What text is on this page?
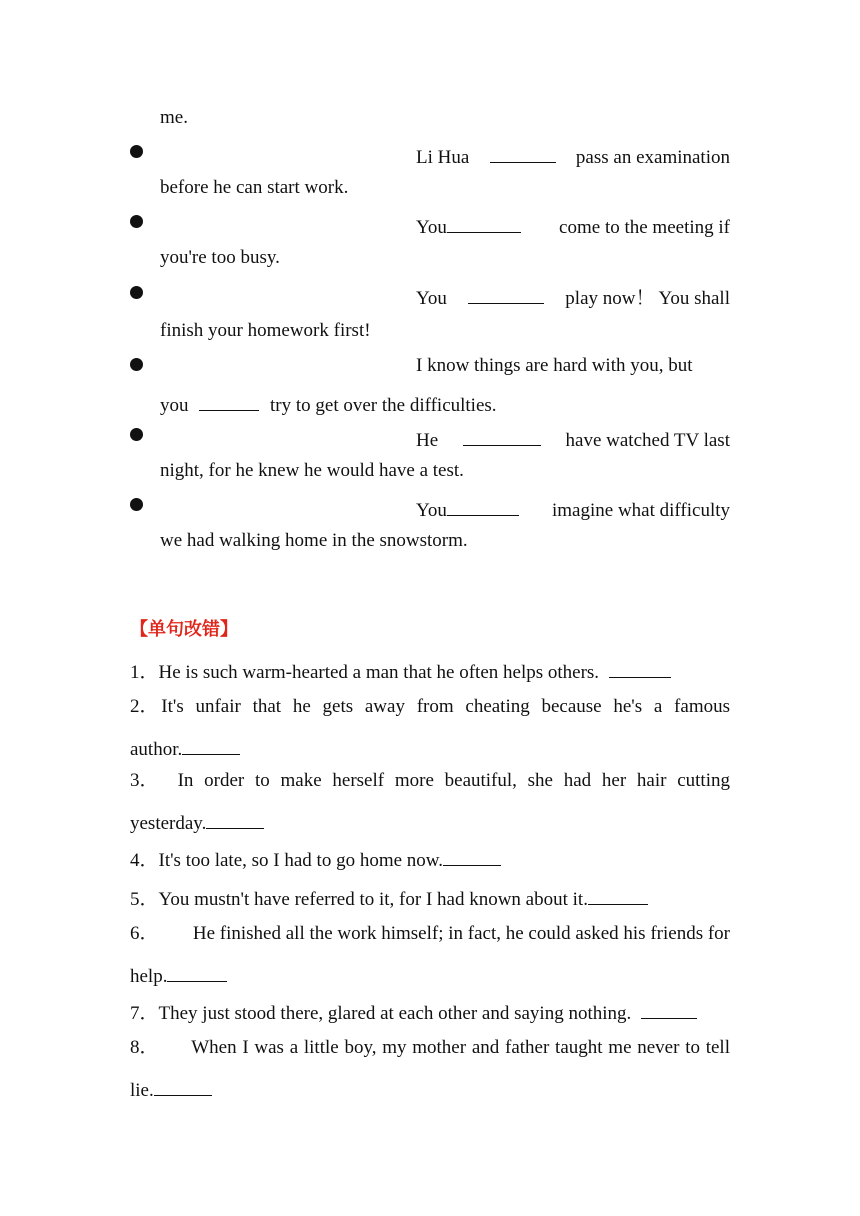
me.
Li Hua	pass an examination
before he can start work.
You	come to the meeting if
you're too busy.
You	play now！ You shall
finish your homework first!
I know things are hard with you, but
you	try to get over the difficulties.
He	have watched TV last
night, for he knew he would have a test.
You	imagine what difficulty
we had walking home in the snowstorm.
【单句改错】
1．He is such warm-hearted a man that he often helps others.
2． It's unfair that he gets away from cheating because he's a famous
author.
3． In order to make herself more beautiful, she had her hair cutting
yesterday.
4．It's too late, so I had to go home now.
5．You mustn't have referred to it, for I had known about it.
6． He finished all the work himself; in fact, he could asked his friends for
help.
7．They just stood there, glared at each other and saying nothing.
8． When I was a little boy, my mother and father taught me never to tell
lie.
